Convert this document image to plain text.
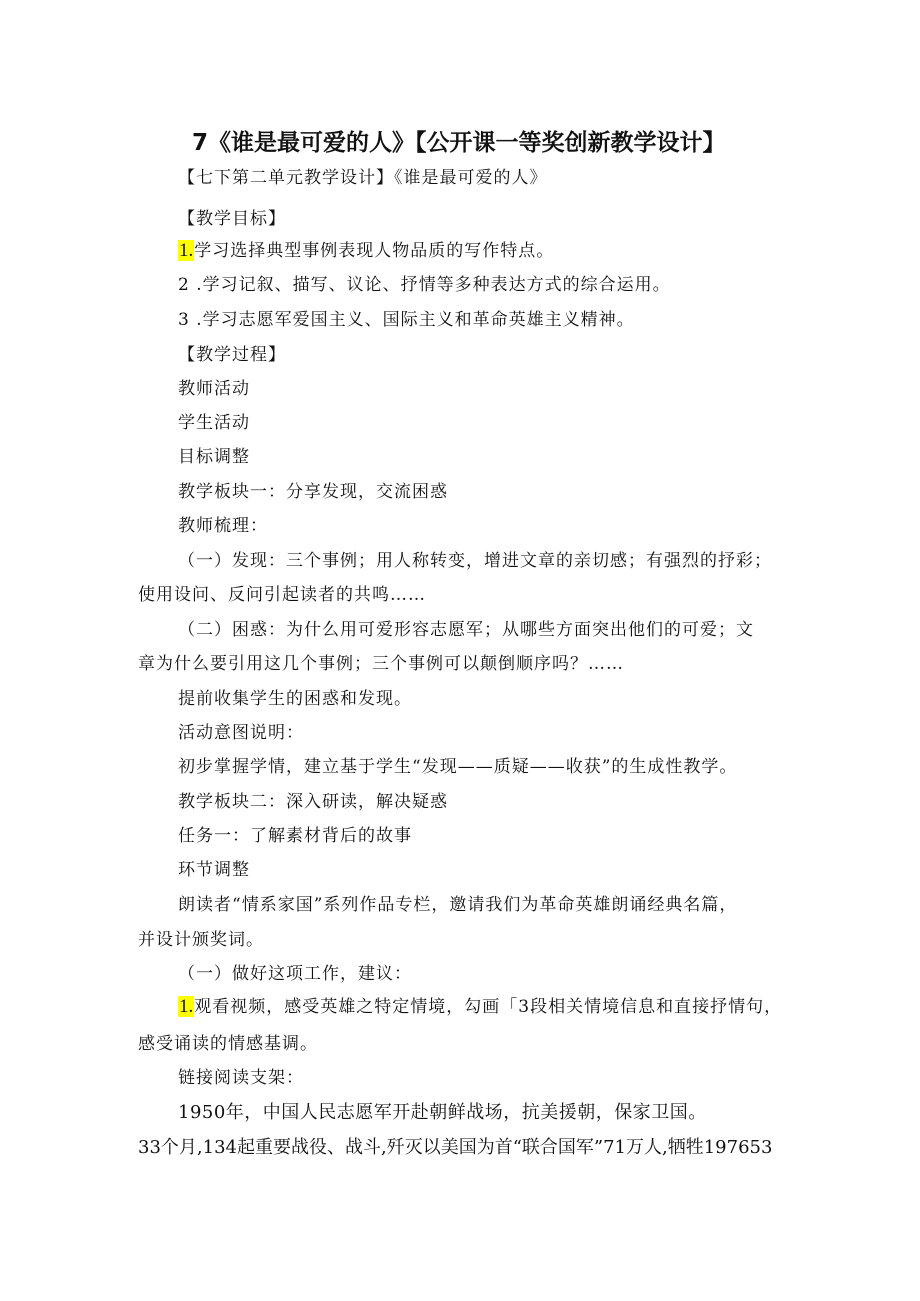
7《谁是最可爱的人》【公开课一等奖创新教学设计】
【七下第二单元教学设计】《谁是最可爱的人》
【教学目标】
1.学习选择典型事例表现人物品质的写作特点。
2 .学习记叙、描写、议论、抒情等多种表达方式的综合运用。
3 .学习志愿军爱国主义、国际主义和革命英雄主义精神。
【教学过程】
教师活动
学生活动
目标调整
教学板块一：分享发现，交流困惑
教师梳理：
（一）发现：三个事例；用人称转变，增进文章的亲切感；有强烈的抒彩；
使用设问、反问引起读者的共鸣……
（二）困惑：为什么用可爱形容志愿军；从哪些方面突出他们的可爱；文
章为什么要引用这几个事例；三个事例可以颠倒顺序吗？……
提前收集学生的困惑和发现。
活动意图说明：
初步掌握学情，建立基于学生“发现——质疑——收获”的生成性教学。
教学板块二：深入研读，解决疑惑
任务一：了解素材背后的故事
环节调整
朗读者“情系家国”系列作品专栏，邀请我们为革命英雄朗诵经典名篇，
并设计颁奖词。
（一）做好这项工作，建议：
1.观看视频，感受英雄之特定情境，勾画「3段相关情境信息和直接抒情句，
感受诵读的情感基调。
链接阅读支架：
1950年，中国人民志愿军开赴朝鲜战场，抗美援朝，保家卫国。
33个月,134起重要战役、战斗,歼灭以美国为首“联合国军”71万人,牺牲197653
